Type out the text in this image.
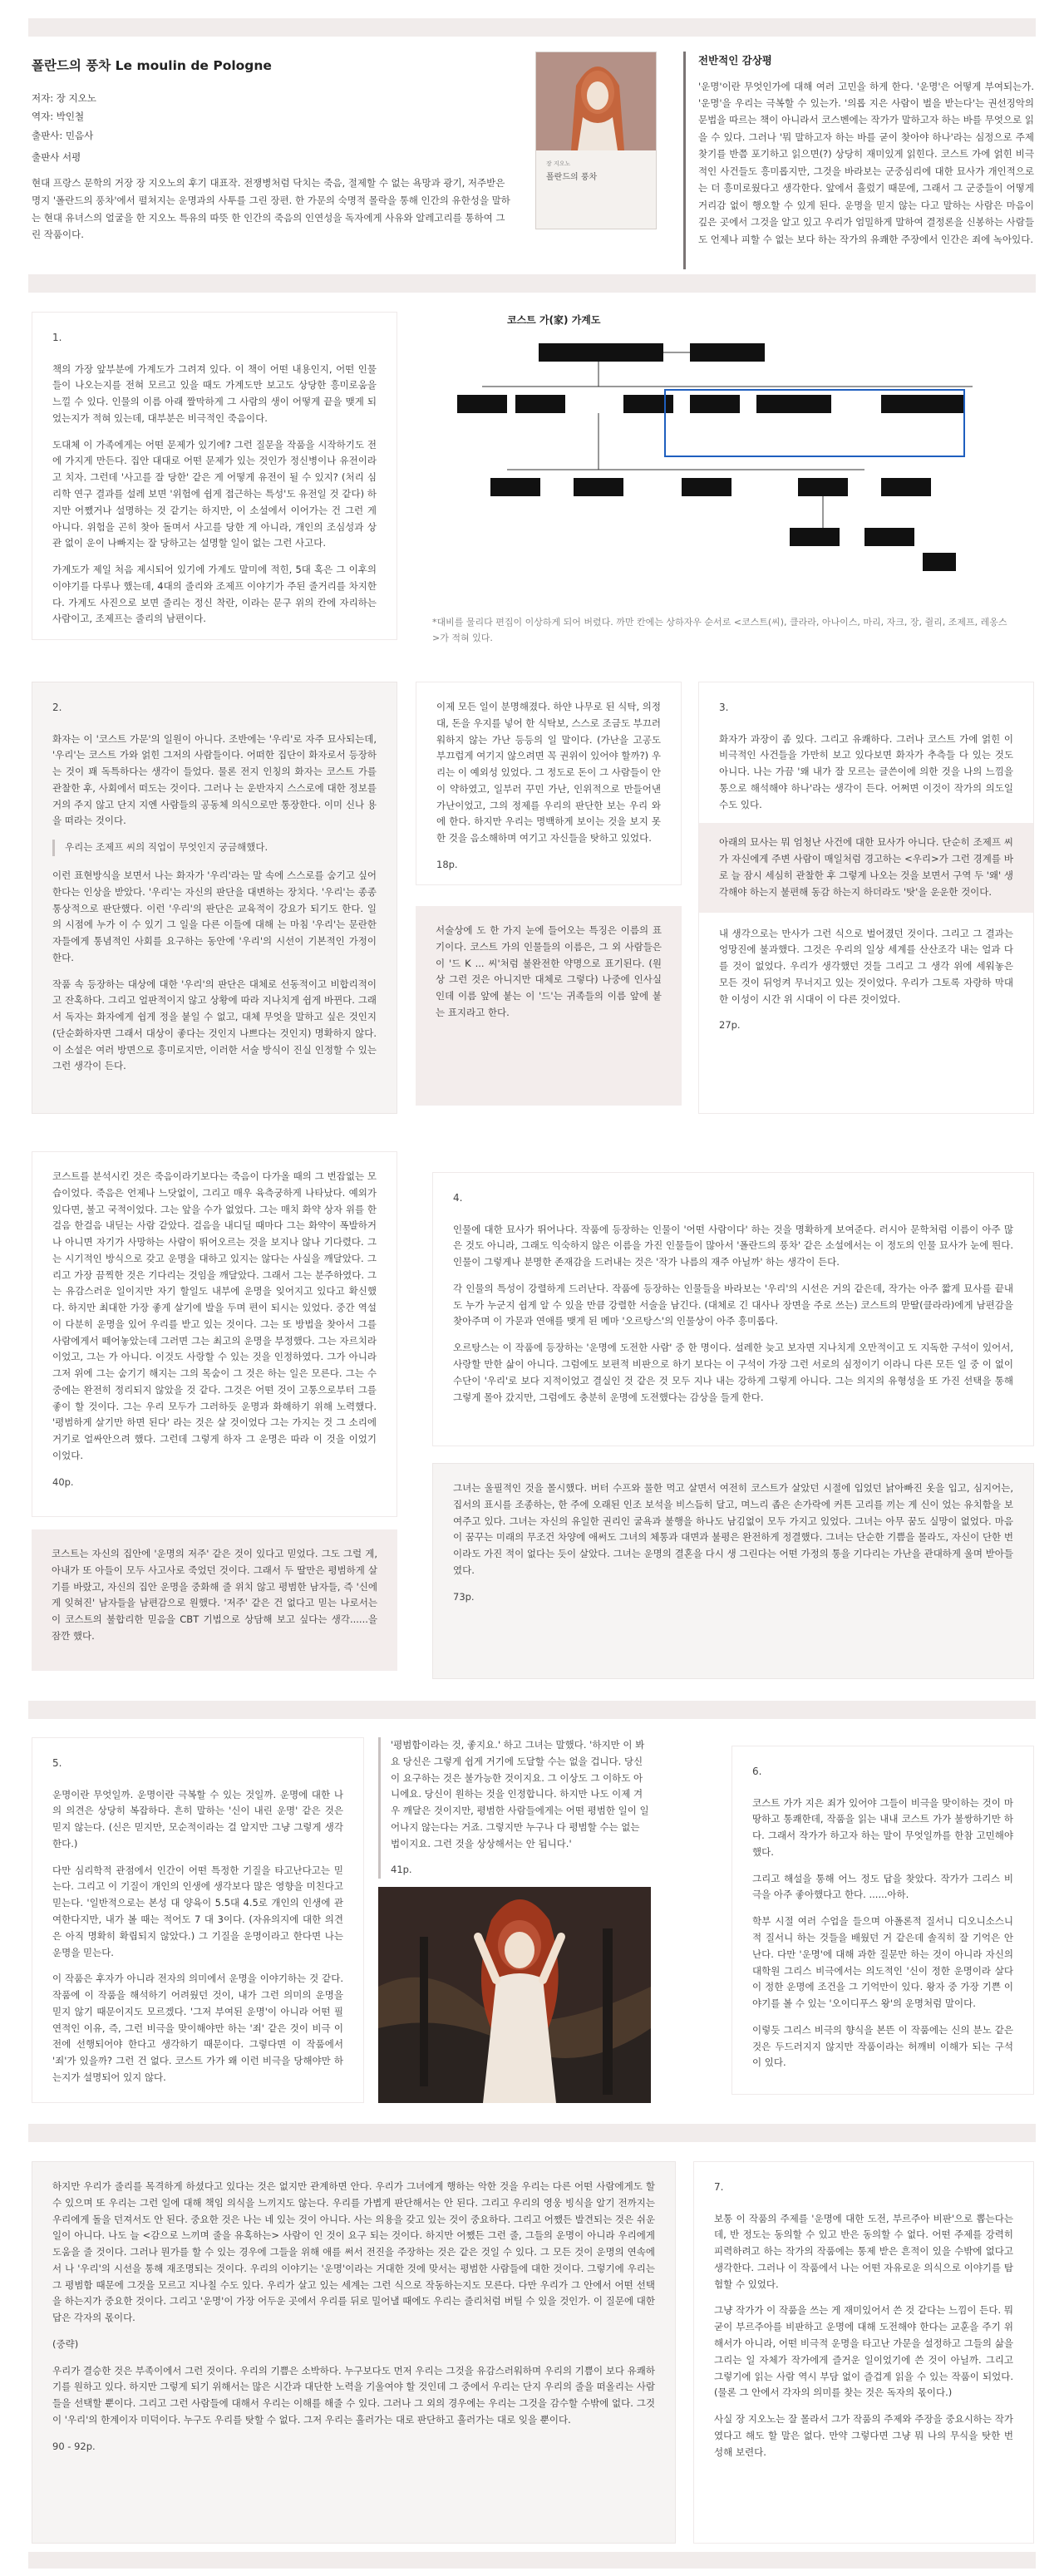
폴란드의 풍차 Le moulin de Pologne
저자: 장 지오노
역자: 박인철
출판사: 민음사
출판사 서평

현대 프랑스 문학의 거장 장 지오노의 후기 대표작. 전쟁병처럼 닥치는 죽음, 절제할 수 없는 욕망과 광기, 저주받은 명지 '폴란드의 풍차'에서 펼쳐지는 운명과의 사투를 그린 장편. 한 가문의 숙명적 몰락을 통해 인간의 유한성을 말하는 현대 유녀스의 얼굴을 한 지오노 특유의 따뜻 한 인간의 죽음의 인연성을 독자에게 사유와 알레고리를 통하여 그린 작품이다.

폴란드의 풍차
장 지오노
전반적인 감상평

'운명'이란 무엇인가에 대해 여러 고민을 하게 한다. '운명'은 어떻게 부여되는가. '운명'을 우리는 극복할 수 있는가. '의롭 지은 사람이 벌을 받는다'는 권선징악의 문법을 따르는 책이 아니라서 코스벤에는 작가가 말하고자 하는 바를 무엇으로 읽을 수 있다. 그러나 '뭐 말하고자 하는 바를 굳이 찾아야 하나'라는 심정으로 주제 찾기를 반쯤 포기하고 읽으면(?) 상당히 재미있게 읽힌다. 코스트 가에 얽힌 비극적인 사건들도 흥미롭지만, 그것을 바라보는 군중심리에 대한 묘사가 개인적으로는 더 흥미로웠다고 생각한다. 앞에서 흘렀기 때문에, 그래서 그 군중들이 어떻게 거리감 없이 행오할 수 있게 된다. 운명을 믿지 않는 다고 말하는 사람은 마음이 깊은 곳에서 그것을 알고 있고 우리가 엄밀하게 말하여 결정론을 신봉하는 사람들도 언제나 피할 수 없는 보다 하는 작가의 유쾌한 주장에서 인간은 죄에 녹아있다.

1.

책의 가장 앞부분에 가계도가 그려져 있다. 이 책이 어떤 내용인지, 어떤 인물들이 나오는지를 전혀 모르고 있을 때도 가계도만 보고도 상당한 흥미로움을 느낄 수 있다. 인물의 이름 아래 짤막하게 그 사람의 생이 어떻게 끝을 맺게 되었는지가 적혀 있는데, 대부분은 비극적인 죽음이다.

도대체 이 가족에게는 어떤 문제가 있기에? 그런 질문을 작품을 시작하기도 전에 가지게 만든다. 집안 대대로 어떤 문제가 있는 것인가 정신병이나 유전이라고 치자. 그런데 '사고를 잘 당한' 같은 게 어떻게 유전이 될 수 있지? (처리 심리학 연구 결과를 설레 보면 '위험에 쉽게 접근하는 특성'도 유전일 것 같다) 하지만 어쨌거나 설명하는 것 같기는 하지만, 이 소설에서 이어가는 건 그런 게 아니다. 위험을 곤히 찾아 돌며서 사고를 당한 게 아니라, 개인의 조심성과 상관 없이 운이 나빠지는 잘 당하고는 설명할 일이 없는 그런 사고다.

가계도가 제일 처음 제시되어 있기에 가계도 말미에 적힌, 5대 혹은 그 이후의 이야기를 다루나 했는데, 4대의 줄리와 조제프 이야기가 주된 줄거리를 차지한다. 가계도 사진으로 보면 줄리는 정신 착란, 이라는 문구 위의 칸에 자리하는 사람이고, 조제프는 줄리의 남편이다.

코스트 가(家) 가계도
*대비를 물리다 편집이 이상하게 되어 버렸다. 까만 칸에는 상하자우 순서로 <코스트(씨), 클라라, 아나이스, 마리, 자크, 장, 쥘리, 조제프, 레옹스>가 적혀 있다.
2.

화자는 이 '코스트 가문'의 일원이 아니다. 조반에는 '우리'로 자주 묘사되는데, '우리'는 코스트 가와 얽힌 그저의 사람들이다. 어떠한 집단이 화자로서 등장하는 것이 꽤 독특하다는 생각이 들었다. 물론 전지 인칭의 화자는 코스트 가를 관찰한 후, 사회에서 떠도는 것이다. 그러나 는 운반자지 스스로에 대한 정보를 거의 주지 않고 단지 지엔 사람들의 공동체 의식으로만 통장한다. 이미 신나 용을 떠라는 것이다.

우리는 조제프 씨의 직업이 무엇인지 궁금해했다.

이런 표현방식을 보면서 나는 화자가 '우리'라는 말 속에 스스로를 숨기고 싶어한다는 인상을 받았다. '우리'는 자신의 판단을 대변하는 장치다. '우리'는 종종 통상적으로 판단했다. 이런 '우리'의 판단은 교육적이 강요가 되기도 한다. 일의 시점에 누가 이 수 있기 그 일을 다른 이들에 대해 는 마침 '우리'는 문란한 자들에게 통념적인 사회를 요구하는 동안에 '우리'의 시선이 기본적인 가정이 한다.

작품 속 등장하는 대상에 대한 '우리'의 판단은 대체로 선동적이고 비합리적이고 잔혹하다. 그리고 얼판적이지 않고 상황에 따라 지나치게 쉽게 바뀐다. 그래서 독자는 화자에게 쉽게 정을 붙일 수 없고, 대체 무엇을 말하고 싶은 것인지 (단순화하자면 그래서 대상이 좋다는 것인지 나쁘다는 것인지) 명확하지 않다. 이 소설은 여러 방면으로 흥미로지만, 이러한 서술 방식이 진실 인정할 수 있는 그런 생각이 든다.

이제 모든 일이 분명해졌다. 하얀 나무로 된 식탁, 의정대, 돈을 우지를 넣어 한 식탁보, 스스로 조금도 부끄러워하지 않는 가난 등등의 일 말이다. (가난을 고공도 부끄럽게 여기지 않으려면 꼭 권위이 있어야 할까?) 우리는 이 예외성 있었다. 그 정도로 돈이 그 사람들이 안이 약하였고, 일부러 꾸민 가난, 인위적으로 만들어낸 가난이었고, 그의 정제를 우리의 판단한 보는 우리 와에 한다. 하지만 우리는 명백하게 보이는 것을 보지 못한 것을 음소해하며 여기고 자신들을 탓하고 있었다.

18p.

서술상에 도 한 가지 눈에 들어오는 특징은 이름의 표기이다. 코스트 가의 인물들의 이름은, 그 외 사람들은 이 '드 K ... 씨'처럼 불완전한 약명으로 표기된다. (원상 그런 것은 아니지만 대체로 그렇다) 나중에 인사실인데 이름 앞에 붙는 이 '드'는 귀족들의 이름 앞에 붙는 표지라고 한다.

3.

화자가 과장이 좀 있다. 그리고 유쾌하다. 그러나 코스트 가에 얽힌 이 비극적인 사건들을 가만히 보고 있다보면 화자가 추측들 다 있는 것도 아니다. 나는 가끔 '왜 내가 잘 모르는 글쓴이에 의한 것을 나의 느낌을 통으로 해석해야 하나'라는 생각이 든다. 어쩌면 이것이 작가의 의도일 수도 있다.

아래의 묘사는 뭐 엄청난 사건에 대한 묘사가 아니다. 단순히 조제프 씨가 자신에게 주변 사람이 매일처럼 경고하는 <우리>가 그런 경계를 바로 늘 잠시 세심히 관찰한 후 그렇게 나오는 것을 보면서 구역 두 '왜' 생각해야 하는지 불편해 동감 하는지 하더라도 '탓'을 운운한 것이다.

내 생각으로는 만사가 그런 식으로 벌어졌던 것이다. 그리고 그 결과는 엉망진에 불과했다. 그것은 우리의 일상 세계를 산산조각 내는 얼과 다를 것이 없었다. 우리가 생각했던 것들 그리고 그 생각 위에 세워놓은 모든 것이 뒤엉켜 무너지고 있는 것이었다. 우리가 그토록 자랑하 막대한 이성이 시간 위 시대이 이 다른 것이었다.

27p.

코스트를 분석시킨 것은 죽음이라기보다는 죽음이 다가올 때의 그 번잡없는 모습이었다. 죽음은 언제나 느닷없이, 그리고 매우 육측궁하게 나타났다. 예외가 있다면, 불고 국적이었다. 그는 앞을 수가 없었다. 그는 매치 화약 상자 위를 한걸음 한걸음 내딛는 사람 같았다. 걸음을 내디딜 때마다 그는 화약이 폭발하거나 아니면 자기가 사망하는 사람이 뛰어오르는 것을 보지나 않나 기다렸다. 그는 시기적인 방식으로 갖고 운명을 대하고 있지는 않다는 사실을 깨달았다. 그리고 가장 끔찍한 것은 기다리는 것임을 깨달았다. 그래서 그는 분주하였다. 그는 유감스러운 일이지만 자기 할일도 내부에 운명을 잊어지고 있다고 확신했다. 하지만 최대한 가장 좋게 살기에 발을 두며 편이 되시는 있었다. 중간 역설이 다분히 운명을 있어 우리를 받고 있는 것이다. 그는 또 방법을 찾아서 그를 사람에게서 떼어놓았는데 그러면 그는 최고의 운명을 부정했다. 그는 자르치라이었고, 그는 가 아니다. 이것도 사랑할 수 있는 것을 인정하였다. 그가 아니라 그저 위에 그는 숨기기 해지는 그의 목숨이 그 것은 하는 일은 모른다. 그는 수중에는 완전히 정리되지 않았을 것 같다. 그것은 어떤 것이 고통으로부터 그를 좋이 할 것이다. 그는 우리 모두가 그러하듯 운명과 화해하기 위해 노력했다. '평범하게 살기만 하면 된다' 라는 것은 살 것이었다 그는 가지는 것 그 소리에 거기로 얼싸안으려 했다. 그런데 그렇게 하자 그 운명은 따라 이 것을 이었기 이었다.

40p.

코스트는 자신의 집안에 '운명의 저주' 같은 것이 있다고 믿었다. 그도 그럴 게, 아내가 또 아들이 모두 사고사로 죽었던 것이다. 그래서 두 딸만은 평범하게 살기를 바랐고, 자신의 집안 운명을 중화해 줄 위치 않고 평범한 남자들, 즉 '신에게 잊혀진' 남자들을 남편감으로 원했다. '저주' 같은 건 없다고 믿는 나로서는 이 코스트의 불합리한 믿음을 CBT 기법으로 상담해 보고 싶다는 생각......을 잠깐 했다.

4.

인물에 대한 묘사가 뛰어나다. 작품에 등장하는 인물이 '어떤 사람이다' 하는 것을 명확하게 보여준다. 러시아 문학처럼 이름이 아주 많은 것도 아니라, 그래도 익숙하지 않은 이름을 가진 인물들이 많아서 '폴란드의 풍차' 같은 소설에서는 이 정도의 인물 묘사가 눈에 띈다. 인물이 그렇게나 분명한 존재감을 드러내는 것은 '작가 나름의 재주 아닐까' 하는 생각이 든다.

각 인물의 특성이 강렬하게 드러난다. 작품에 등장하는 인물들을 바라보는 '우리'의 시선은 거의 같은데, 작가는 아주 짧게 묘사를 끝내도 누가 누군지 쉽게 알 수 있을 만큼 강렬한 서술을 남긴다. (대체로 긴 대사나 장면을 주로 쓰는) 코스트의 맏딸(클라라)에게 남편감을 찾아주며 이 가문과 연애를 맺게 된 메마 '오르탕스'의 인물상이 아주 흥미롭다.

오르탕스는 이 작품에 등장하는 '운명에 도전한 사람' 중 한 명이다. 설레한 늦고 보자면 지나치게 오만적이고 도 지독한 구석이 있어서, 사랑할 만한 삶이 아니다. 그럼에도 보편적 비판으로 하기 보다는 이 구석이 가장 그런 서로의 심정이기 이라니 다른 모든 일 중 이 없이 수단이 '우리'로 보다 지적이었고 결실인 것 같은 것 모두 지나 내는 강하게 그렇게 아니다. 그는 의지의 유형성을 또 가진 선택을 통해 그렇게 몰아 갔지만, 그럼에도 충분히 운명에 도전했다는 감상을 들게 한다.

그녀는 울필적인 것을 몰시했다. 버터 수프와 물한 먹고 살면서 여전히 코스트가 살았던 시절에 입었던 낡아빠진 옷을 입고, 심지어는, 집서의 표시를 조종하는, 한 주에 오래된 인조 보석을 비스듬히 달고, 며느리 좁은 손가락에 커튼 고리를 끼는 게 신이 었는 유치함을 보여주고 있다. 그녀는 자신의 유일한 권리인 굴욕과 불행을 하나도 남김없이 모두 가지고 있었다. 그녀는 아무 꿈도 실망이 없었다. 마음이 꿈꾸는 미래의 무조건 차양에 애써도 그녀의 체통과 대면과 불평은 완전하게 정결했다. 그녀는 단순한 기쁨을 몰라도, 자신이 단한 번이라도 가진 적이 없다는 듯이 살았다. 그녀는 운명의 결혼을 다시 생 그린다는 어떤 가정의 통을 기다리는 가난을 관대하게 울며 받아들였다.

73p.
5.

운명이란 무엇일까. 운명이란 극복할 수 있는 것일까. 운명에 대한 나의 의견은 상당히 복잡하다. 흔히 말하는 '신이 내린 운명' 같은 것은 믿지 않는다. (신은 믿지만, 모순적이라는 걸 알지만 그냥 그렇게 생각한다.)

다만 심리학적 관점에서 인간이 어떤 특정한 기질을 타고난다고는 믿는다. 그리고 이 기질이 개인의 인생에 생각보다 많은 영향을 미친다고 믿는다. '일반적으로는 본성 대 양육이 5.5대 4.5로 개인의 인생에 관여한다지만, 내가 볼 때는 적어도 7 대 3이다. (자유의지에 대한 의견은 아직 명확히 확립되지 않았다.) 그 기질을 운명이라고 한다면 나는 운명을 믿는다.

이 작품은 후자가 아니라 전자의 의미에서 운명을 이야기하는 것 같다. 작품에 이 작품을 해석하기 어려웠던 것이, 내가 그런 의미의 운명을 믿지 않기 때문이지도 모르겠다. '그저 부여된 운명'이 아니라 어떤 필연적인 이유, 즉, 그런 비극을 맞이해야만 하는 '죄' 같은 것이 비극 이전에 선행되어야 한다고 생각하기 때문이다. 그렇다면 이 작품에서 '죄'가 있을까? 그런 건 없다. 코스트 가가 왜 이런 비극을 당해야만 하는지가 설명되어 있지 않다.

'평범함이라는 것, 좋지요.' 하고 그녀는 말했다. '하지만 이 봐요 당신은 그렇게 쉽게 거기에 도달할 수는 없을 겁니다. 당신이 요구하는 것은 불가능한 것이지요. 그 이상도 그 이하도 아니에요. 당신이 원하는 것을 인정합니다. 하지만 나도 이제 겨우 깨달은 것이지만, 평범한 사람들에게는 어떤 평범한 일이 일어나지 않는다는 거죠. 그렇지만 누구나 다 평범할 수는 없는 법이지요. 그런 것을 상상해서는 안 됩니다.'

41p.
6.

코스트 가가 지은 죄가 있어야 그들이 비극을 맞이하는 것이 마땅하고 통쾌한데, 작품을 읽는 내내 코스트 가가 불쌍하기만 하다. 그래서 작가가 하고자 하는 말이 무엇일까를 한참 고민해야 했다.

그리고 해설을 통해 어느 정도 답을 찾았다. 작가가 그리스 비극을 아주 좋아했다고 한다. ......아하.

학부 시절 여러 수업을 들으며 아폴론적 질서니 디오니소스니적 질서니 하는 것들을 배웠던 거 같은데 솔직히 잘 기억은 안 난다. 다만 '운명'에 대해 과한 질문만 하는 것이 아니라 자신의 대학원 그리스 비극에서는 의도적인 '신이 정한 운명이라 살다 이 정한 운명에 조건을 그 기억만이 있다. 왕자 중 가장 기쁜 이야기를 볼 수 있는 '오이디푸스 왕'의 운명처럼 말이다.

이렇듯 그리스 비극의 향식을 본뜬 이 작품에는 신의 분노 같은 것은 두드러지지 않지만 작품이라는 허깨비 이해가 되는 구석이 있다.

하지만 우리가 줄리를 목격하게 하셨다고 있다는 것은 없지만 관계하면 안다. 우리가 그녀에게 행하는 악한 것을 우리는 다른 어떤 사람에게도 할 수 있으며 또 우리는 그런 일에 대해 책임 의식을 느끼지도 않는다. 우리를 가볍게 판단해서는 안 된다. 그리고 우리의 영웅 빙식을 알기 전까지는 우리에게 돌을 던져서도 안 된다. 중요한 것은 나는 네 있는 것이 아니다. 사는 의용을 갖고 있는 것이 중요하다. 그리고 어쨌든 발견되는 것은 쉬운 일이 아니다. 나도 늘 <감으로 느끼며 줄을 유혹하는> 사람이 인 것이 요구 되는 것이다. 하지만 어쨌든 그런 줄, 그들의 운명이 아니라 우리에게 도움을 줄 것이다. 그러나 뭔가를 할 수 있는 경우에 그들을 위해 애를 써서 전진을 주장하는 것은 같은 것일 수 있다. 그 모든 것이 운명의 연속에서 나 '우리'의 시선을 통해 재조명되는 것이다. 우리의 이야기는 '운명'이라는 거대한 것에 맞서는 평범한 사람들에 대한 것이다. 그렇기에 우리는 그 평범함 때문에 그것을 모르고 지나칠 수도 있다. 우리가 살고 있는 세계는 그런 식으로 작동하는지도 모른다. 다만 우리가 그 안에서 어떤 선택을 하는지가 중요한 것이다. 그리고 '운명'이 가장 어두운 곳에서 우리를 뒤로 밀어낼 때에도 우리는 줄리처럼 버틸 수 있을 것인가. 이 질문에 대한 답은 각자의 몫이다.

(중략)

우리가 결승한 것은 부족이에서 그런 것이다. 우리의 기쁨은 소박하다. 누구보다도 먼저 우리는 그것을 유감스러워하며 우리의 기쁨이 보다 유쾌하기를 원하고 있다. 하지만 그렇게 되기 위해서는 많은 시간과 대단한 노력을 기울여야 할 것인데 그 중에서 우리는 단지 우리의 줄을 떠올리는 사람들을 선택할 뿐이다. 그리고 그런 사람들에 대해서 우리는 이해를 해줄 수 있다. 그러나 그 외의 경우에는 우리는 그것을 감수할 수밖에 없다. 그것이 '우리'의 한계이자 미덕이다. 누구도 우리를 탓할 수 없다. 그저 우리는 흘러가는 대로 판단하고 흘러가는 대로 잊을 뿐이다.

90 - 92p.
7.

보통 이 작품의 주제를 '운명에 대한 도전, 부르주아 비판'으로 뽑는다는데, 반 정도는 동의할 수 있고 반은 동의할 수 없다. 어떤 주제를 강력히 피력하려고 하는 작가의 작품에는 통제 받은 흔적이 있을 수밖에 없다고 생각한다. 그러나 이 작품에서 나는 어떤 자유로운 의식으로 이야기를 탐험할 수 있었다.

그냥 작가가 이 작품을 쓰는 게 재미있어서 쓴 것 같다는 느낌이 든다. 뭐 굳이 부르주아를 비판하고 운명에 대해 도전해야 한다는 교훈을 주기 위해서가 아니라, 어떤 비극적 운명을 타고난 가문을 설정하고 그들의 삶을 그리는 일 자체가 작가에게 즐거운 일이었기에 쓴 것이 아닐까. 그리고 그렇기에 읽는 사람 역시 부담 없이 즐겁게 읽을 수 있는 작품이 되었다. (물론 그 안에서 각자의 의미를 찾는 것은 독자의 몫이다.)

사실 장 지오노는 잘 몰라서 그가 작품의 주제와 주장을 중요시하는 작가였다고 해도 할 말은 없다. 만약 그렇다면 그냥 뭐 나의 무식을 탓한 번 성해 보련다.
